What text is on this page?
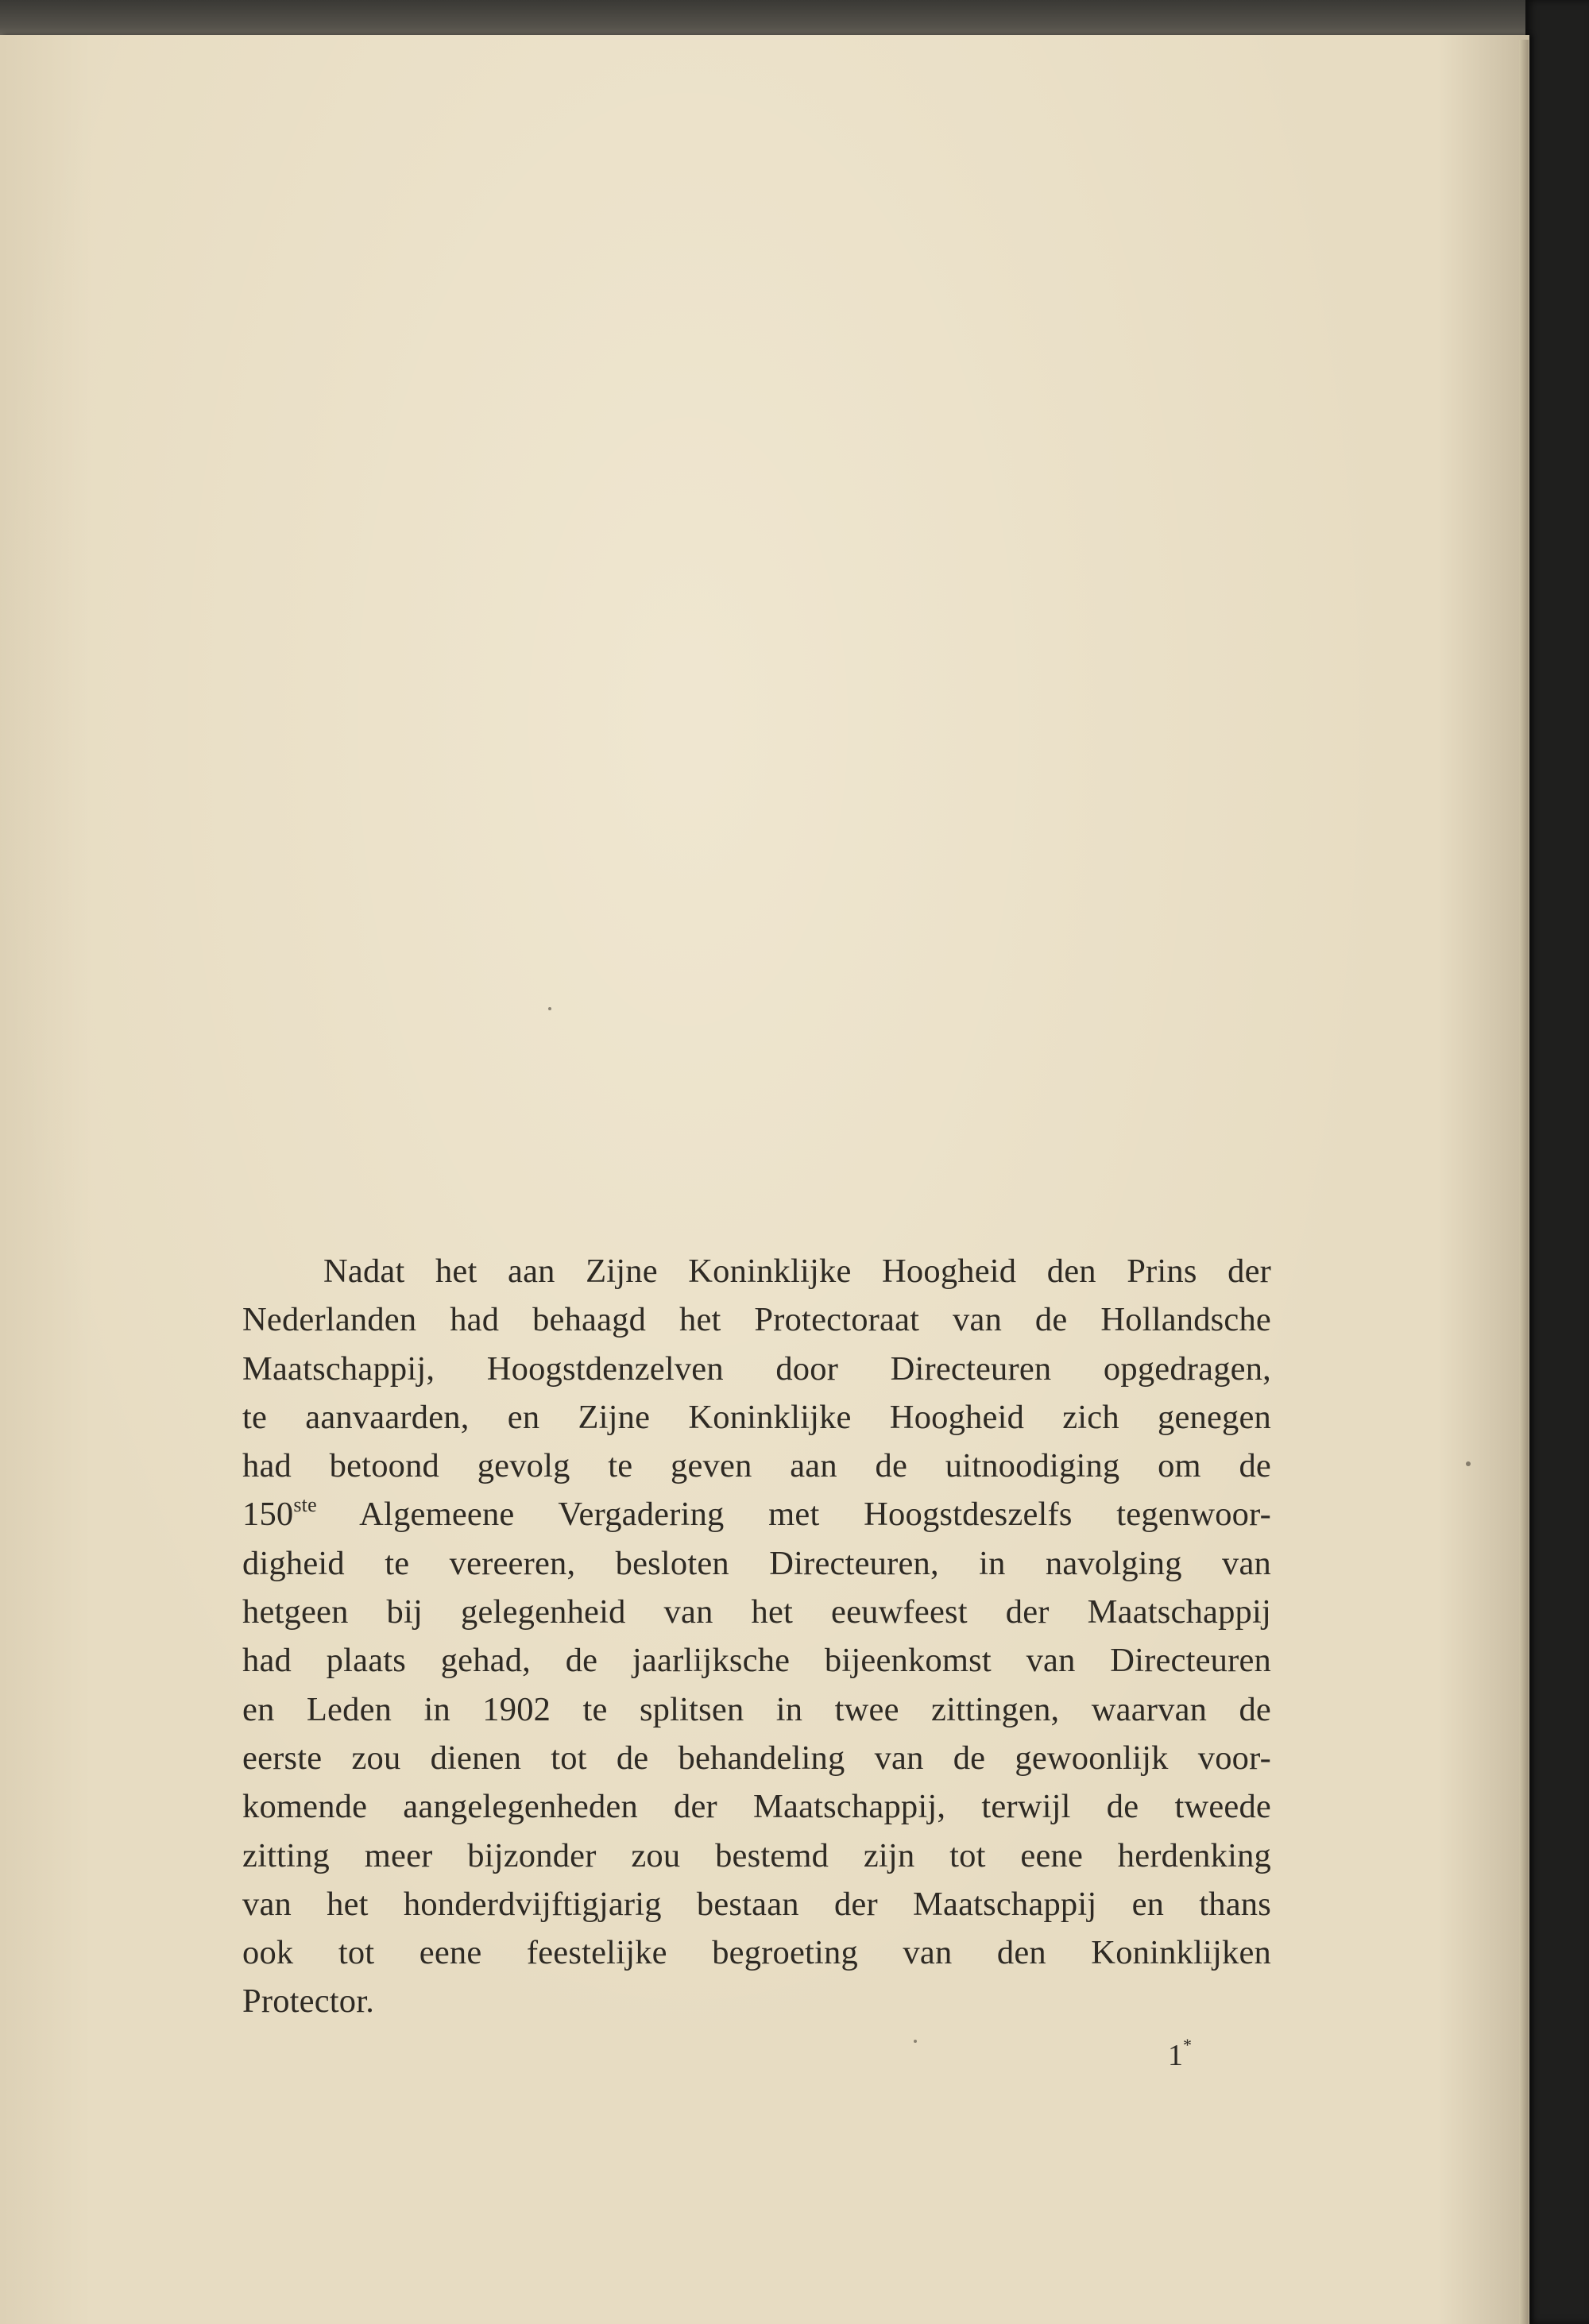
Nadat het aan Zijne Koninklijke Hoogheid den Prins der
Nederlanden had behaagd het Protectoraat van de Hollandsche
Maatschappij, Hoogstdenzelven door Directeuren opgedragen,
te aanvaarden, en Zijne Koninklijke Hoogheid zich genegen
had betoond gevolg te geven aan de uitnoodiging om de
150ste Algemeene Vergadering met Hoogstdeszelfs tegenwoor-
digheid te vereeren, besloten Directeuren, in navolging van
hetgeen bij gelegenheid van het eeuwfeest der Maatschappij
had plaats gehad, de jaarlijksche bijeenkomst van Directeuren
en Leden in 1902 te splitsen in twee zittingen, waarvan de
eerste zou dienen tot de behandeling van de gewoonlijk voor-
komende aangelegenheden der Maatschappij, terwijl de tweede
zitting meer bijzonder zou bestemd zijn tot eene herdenking
van het honderdvijftigjarig bestaan der Maatschappij en thans
ook tot eene feestelijke begroeting van den Koninklijken
Protector.
1*
